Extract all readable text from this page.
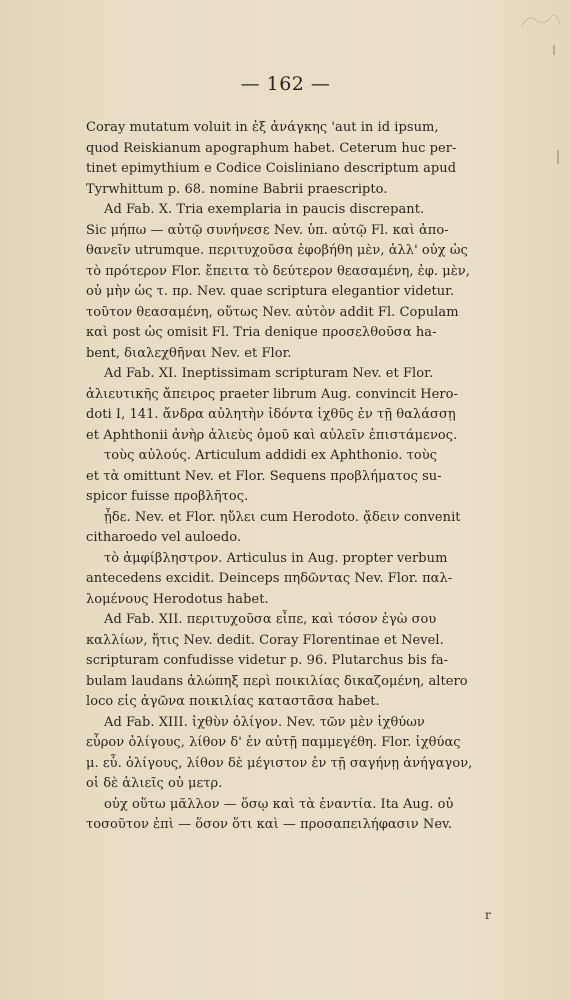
— 162 —
Coray mutatum voluit in ἐξ ἀνάγκης 'aut in id ipsum,
quod Reiskianum apographum habet. Ceterum huc per-
tinet epimythium e Codice Coisliniano descriptum apud
Tyrwhittum p. 68. nomine Babrii praescripto.
Ad Fab. X. Tria exemplaria in paucis discrepant.
Sic μήπω — αὐτῷ συνήνεσε Nev. ὑπ. αὐτῷ Fl. καὶ ἀπο-
θανεῖν utrumque. περιτυχοῦσα ἐφοβήθη μὲν, ἀλλ' οὐχ ὡς
τὸ πρότερον Flor. ἔπειτα τὸ δεύτερον θεασαμένη, ἐφ. μὲν,
οὐ μὴν ὡς τ. πρ. Nev. quae scriptura elegantior videtur.
τοῦτον θεασαμένη, οὕτως Nev. αὐτὸν addit Fl. Copulam
καὶ post ὡς omisit Fl. Tria denique προσελθοῦσα ha-
bent, διαλεχθῆναι Nev. et Flor.
Ad Fab. XI. Ineptissimam scripturam Nev. et Flor.
ἁλιευτικῆς ἄπειρος praeter librum Aug. convincit Hero-
doti I, 141. ἄνδρα αὐλητὴν ἰδόντα ἰχθῦς ἐν τῇ θαλάσσῃ
et Aphthonii ἀνὴρ ἁλιεὺς ὁμοῦ καὶ αὐλεῖν ἐπιστάμενος.
τοὺς αὐλούς. Articulum addidi ex Aphthonio. τοὺς
et τὰ omittunt Nev. et Flor. Sequens προβλήματος su-
spicor fuisse προβλῆτος.
ᾖδε. Nev. et Flor. ηὔλει cum Herodoto. ᾄδειν convenit
citharoedo vel auloedo.
τὸ ἀμφίβληστρον. Articulus in Aug. propter verbum
antecedens excidit. Deinceps πηδῶντας Nev. Flor. παλ-
λομένους Herodotus habet.
Ad Fab. XII. περιτυχοῦσα εἶπε, καὶ τόσον ἐγὼ σου
καλλίων, ἥτις Nev. dedit. Coray Florentinae et Nevel.
scripturam confudisse videtur p. 96. Plutarchus bis fa-
bulam laudans ἀλώπηξ περὶ ποικιλίας δικαζομένη, altero
loco εἰς ἀγῶνα ποικιλίας καταστᾶσα habet.
Ad Fab. XIII. ἰχθὺν ὀλίγον. Nev. τῶν μὲν ἰχθύων
εὗρον ὀλίγους, λίθον δ' ἐν αὐτῇ παμμεγέθη. Flor. ἰχθύας
μ. εὗ. ὀλίγους, λίθον δὲ μέγιστον ἐν τῇ σαγήνῃ ἀνήγαγον,
οἱ δὲ ἁλιεῖς οὐ μετρ.
οὐχ οὕτω μᾶλλον — ὅσῳ καὶ τὰ ἐναντία. Ita Aug. οὐ
τοσοῦτον ἐπὶ — ὅσον ὅτι καὶ — προσαπειλήφασιν Nev.
r
